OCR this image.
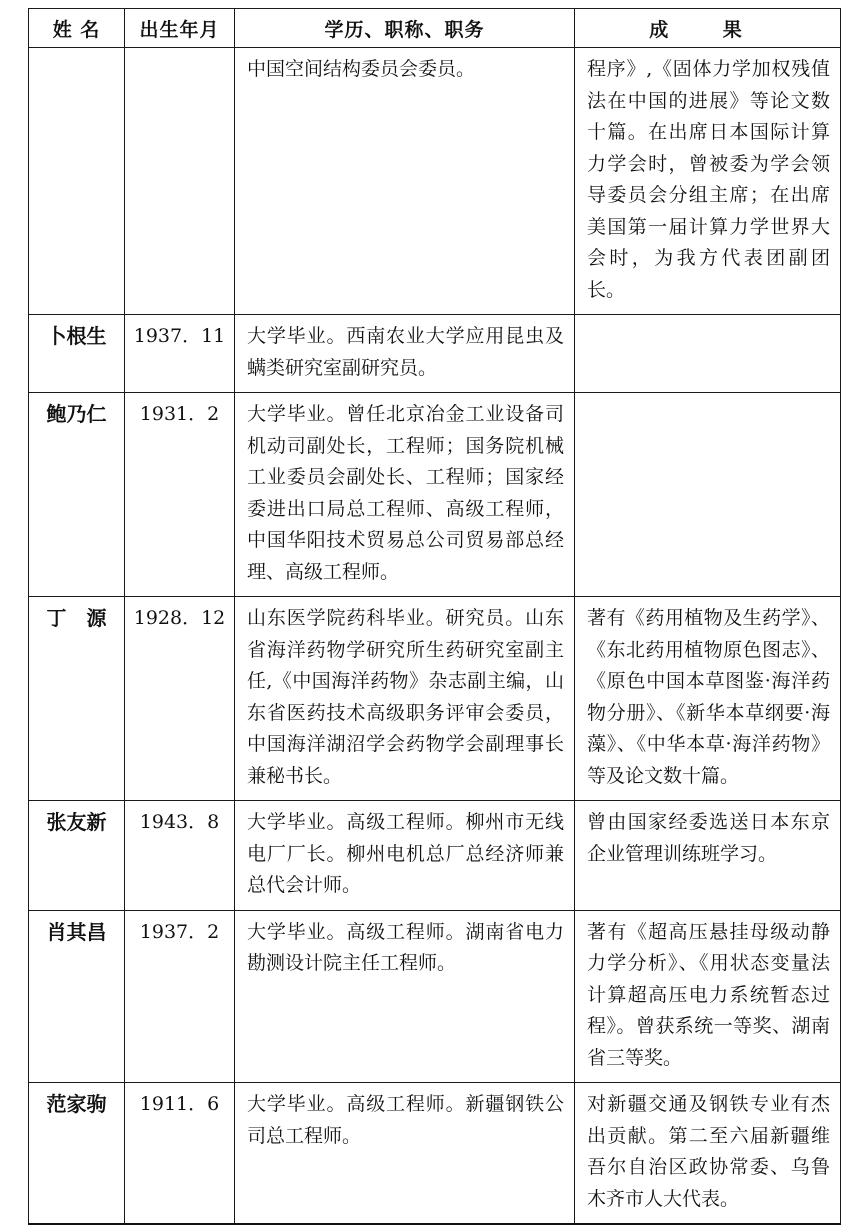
姓 名	出生年月	学历、职称、职务	成 果
		中国空间结构委员会委员。	程序》,《固体力学加权残值法在中国的进展》等论文数十篇。在出席日本国际计算力学会时，曾被委为学会领导委员会分组主席；在出席美国第一届计算力学世界大会时，为我方代表团副团长。
卜根生	1937．11	大学毕业。西南农业大学应用昆虫及螨类研究室副研究员。	
鲍乃仁	1931．2	大学毕业。曾任北京冶金工业设备司机动司副处长，工程师；国务院机械工业委员会副处长、工程师；国家经委进出口局总工程师、高级工程师，中国华阳技术贸易总公司贸易部总经理、高级工程师。	
丁　源	1928．12	山东医学院药科毕业。研究员。山东省海洋药物学研究所生药研究室副主任,《中国海洋药物》杂志副主编，山东省医药技术高级职务评审会委员，中国海洋湖沼学会药物学会副理事长兼秘书长。	著有《药用植物及生药学》、《东北药用植物原色图志》、《原色中国本草图鉴·海洋药物分册》、《新华本草纲要·海藻》、《中华本草·海洋药物》等及论文数十篇。
张友新	1943．8	大学毕业。高级工程师。柳州市无线电厂厂长。柳州电机总厂总经济师兼总代会计师。	曾由国家经委选送日本东京企业管理训练班学习。
肖其昌	1937．2	大学毕业。高级工程师。湖南省电力勘测设计院主任工程师。	著有《超高压悬挂母级动静力学分析》、《用状态变量法计算超高压电力系统暂态过程》。曾获系统一等奖、湖南省三等奖。
范家驹	1911．6	大学毕业。高级工程师。新疆钢铁公司总工程师。	对新疆交通及钢铁专业有杰出贡献。第二至六届新疆维吾尔自治区政协常委、乌鲁木齐市人大代表。
